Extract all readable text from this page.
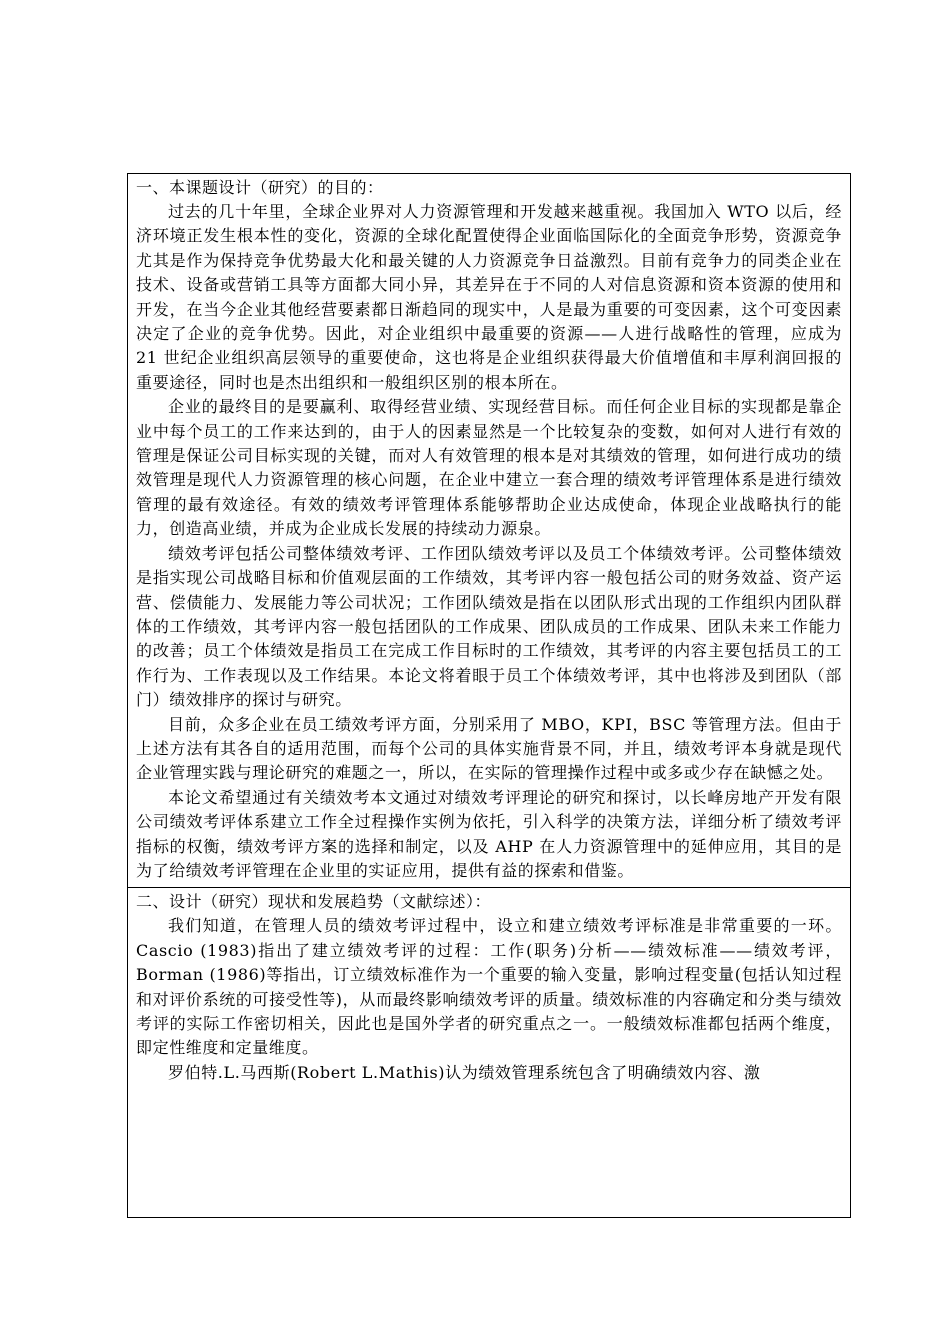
一、本课题设计（研究）的目的：

过去的几十年里，全球企业界对人力资源管理和开发越来越重视。我国加入 WTO 以后，经济环境正发生根本性的变化，资源的全球化配置使得企业面临国际化的全面竞争形势，资源竞争尤其是作为保持竞争优势最大化和最关键的人力资源竞争日益激烈。目前有竞争力的同类企业在技术、设备或营销工具等方面都大同小异，其差异在于不同的人对信息资源和资本资源的使用和开发，在当今企业其他经营要素都日渐趋同的现实中，人是最为重要的可变因素，这个可变因素决定了企业的竞争优势。因此，对企业组织中最重要的资源——人进行战略性的管理，应成为 21 世纪企业组织高层领导的重要使命，这也将是企业组织获得最大价值增值和丰厚利润回报的重要途径，同时也是杰出组织和一般组织区别的根本所在。

企业的最终目的是要赢利、取得经营业绩、实现经营目标。而任何企业目标的实现都是靠企业中每个员工的工作来达到的，由于人的因素显然是一个比较复杂的变数，如何对人进行有效的管理是保证公司目标实现的关键，而对人有效管理的根本是对其绩效的管理，如何进行成功的绩效管理是现代人力资源管理的核心问题，在企业中建立一套合理的绩效考评管理体系是进行绩效管理的最有效途径。有效的绩效考评管理体系能够帮助企业达成使命，体现企业战略执行的能力，创造高业绩，并成为企业成长发展的持续动力源泉。

绩效考评包括公司整体绩效考评、工作团队绩效考评以及员工个体绩效考评。公司整体绩效是指实现公司战略目标和价值观层面的工作绩效，其考评内容一般包括公司的财务效益、资产运营、偿债能力、发展能力等公司状况；工作团队绩效是指在以团队形式出现的工作组织内团队群体的工作绩效，其考评内容一般包括团队的工作成果、团队成员的工作成果、团队未来工作能力的改善；员工个体绩效是指员工在完成工作目标时的工作绩效，其考评的内容主要包括员工的工作行为、工作表现以及工作结果。本论文将着眼于员工个体绩效考评，其中也将涉及到团队（部门）绩效排序的探讨与研究。

目前，众多企业在员工绩效考评方面，分别采用了 MBO，KPI，BSC 等管理方法。但由于上述方法有其各自的适用范围，而每个公司的具体实施背景不同，并且，绩效考评本身就是现代企业管理实践与理论研究的难题之一，所以，在实际的管理操作过程中或多或少存在缺憾之处。

本论文希望通过有关绩效考本文通过对绩效考评理论的研究和探讨，以长峰房地产开发有限公司绩效考评体系建立工作全过程操作实例为依托，引入科学的决策方法，详细分析了绩效考评指标的权衡，绩效考评方案的选择和制定，以及 AHP 在人力资源管理中的延伸应用，其目的是为了给绩效考评管理在企业里的实证应用，提供有益的探索和借鉴。

二、设计（研究）现状和发展趋势（文献综述）：

我们知道，在管理人员的绩效考评过程中，设立和建立绩效考评标准是非常重要的一环。Cascio (1983)指出了建立绩效考评的过程：工作(职务)分析——绩效标准——绩效考评，Borman (1986)等指出，订立绩效标准作为一个重要的输入变量，影响过程变量(包括认知过程和对评价系统的可接受性等)，从而最终影响绩效考评的质量。绩效标准的内容确定和分类与绩效考评的实际工作密切相关，因此也是国外学者的研究重点之一。一般绩效标准都包括两个维度，即定性维度和定量维度。

罗伯特.L.马西斯(Robert L.Mathis)认为绩效管理系统包含了明确绩效内容、激
